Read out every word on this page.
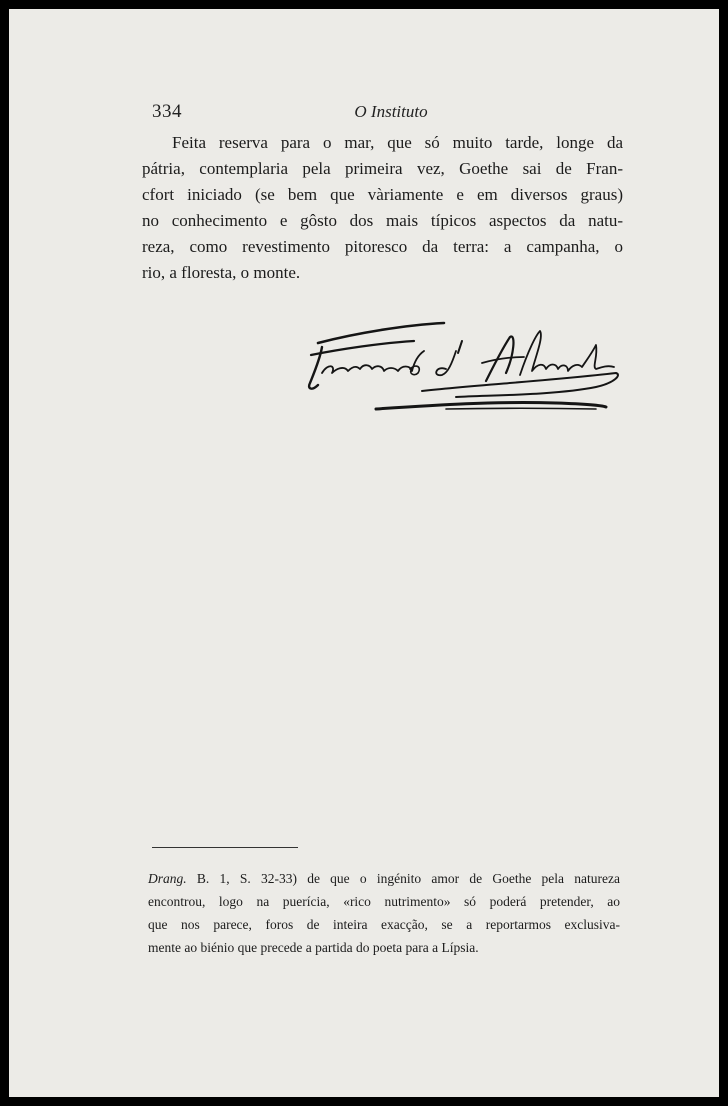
334	O Instituto
Feita reserva para o mar, que só muito tarde, longe da
pátria, contemplaria pela primeira vez, Goethe sai de Fran-
cfort iniciado (se bem que vàriamente e em diversos graus)
no conhecimento e gôsto dos mais típicos aspectos da natu-
reza, como revestimento pitoresco da terra: a campanha, o
rio, a floresta, o monte.
Drang. B. 1, S. 32-33) de que o ingénito amor de Goethe pela natureza
encontrou, logo na puerícia, «rico nutrimento» só poderá pretender, ao
que nos parece, foros de inteira exacção, se a reportarmos exclusiva-
mente ao biénio que precede a partida do poeta para a Lípsia.
